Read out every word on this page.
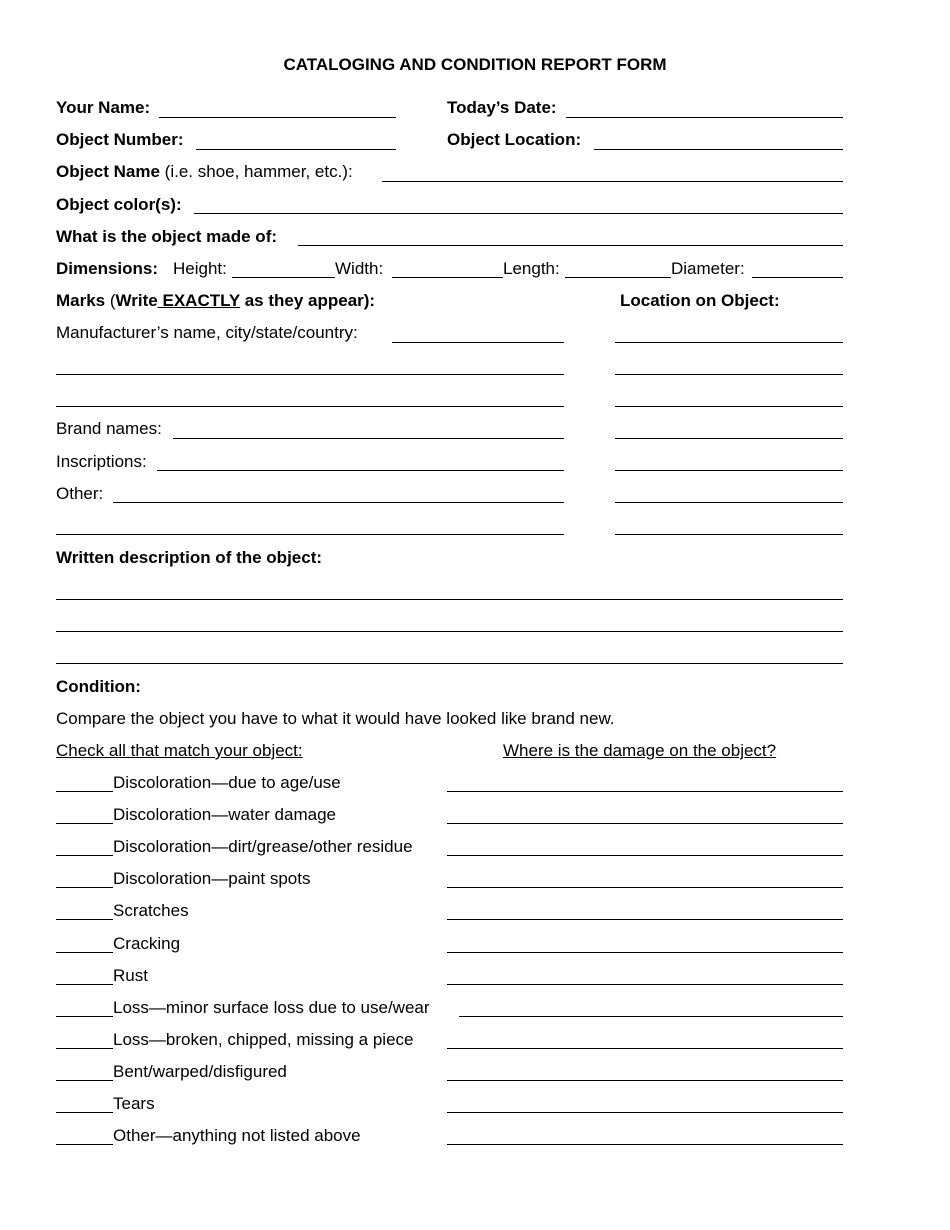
CATALOGING AND CONDITION REPORT FORM
Your Name:	Today’s Date:
Object Number:	Object Location:
Object Name (i.e. shoe, hammer, etc.):
Object color(s):
What is the object made of:
Dimensions: Height:	Width:	Length:	Diameter:
Marks (Write EXACTLY as they appear):	Location on Object:
Manufacturer’s name, city/state/country:
Brand names:
Inscriptions:
Other:
Written description of the object:
Condition:
Compare the object you have to what it would have looked like brand new.
Check all that match your object:	Where is the damage on the object?
Discoloration—due to age/use
Discoloration—water damage
Discoloration—dirt/grease/other residue
Discoloration—paint spots
Scratches
Cracking
Rust
Loss—minor surface loss due to use/wear
Loss—broken, chipped, missing a piece
Bent/warped/disfigured
Tears
Other—anything not listed above
